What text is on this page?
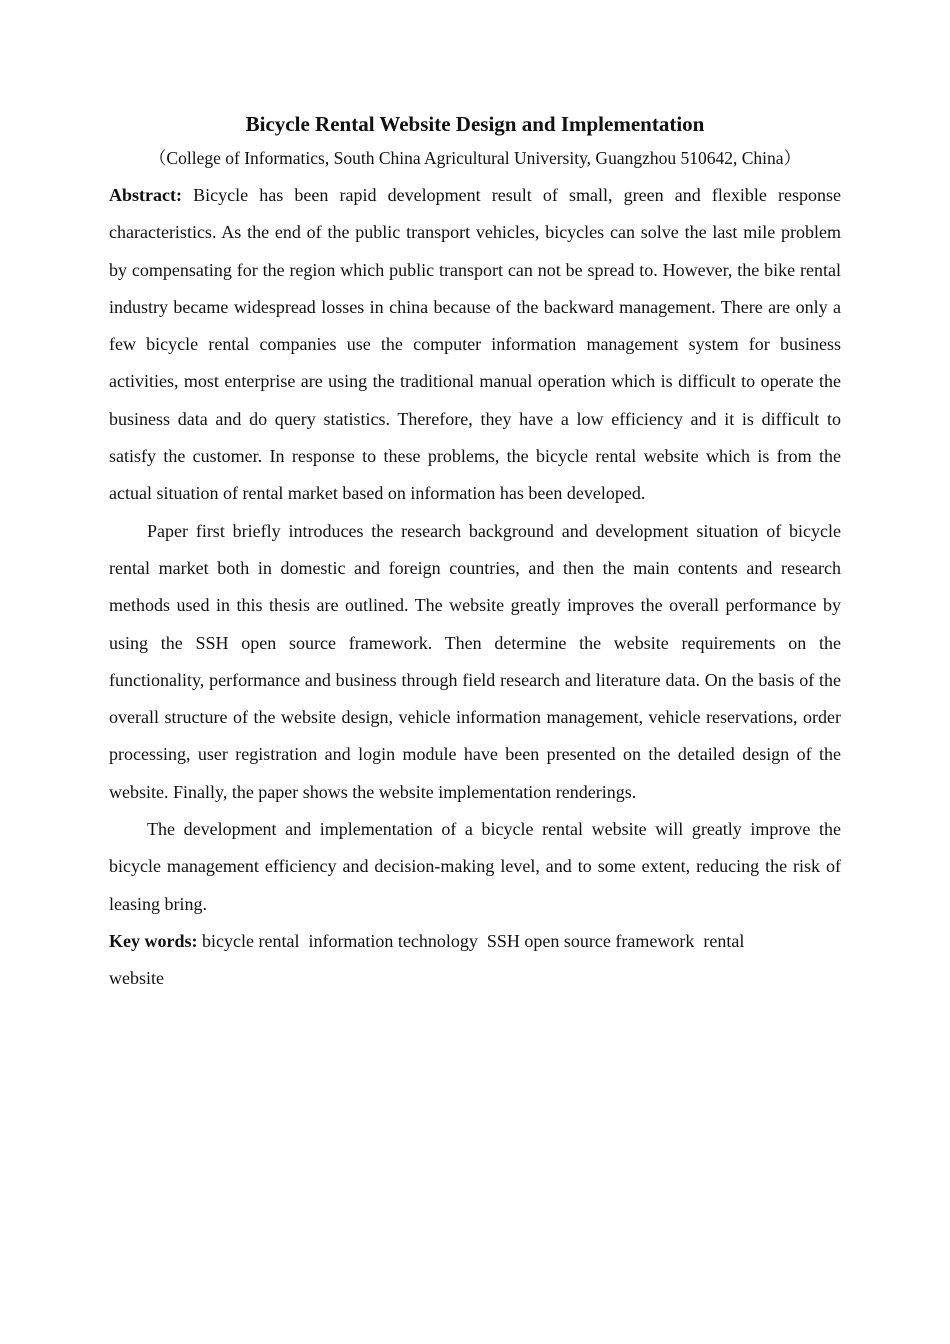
Bicycle Rental Website Design and Implementation

（College of Informatics, South China Agricultural University, Guangzhou 510642, China）

Abstract: Bicycle has been rapid development result of small, green and flexible response characteristics. As the end of the public transport vehicles, bicycles can solve the last mile problem by compensating for the region which public transport can not be spread to. However, the bike rental industry became widespread losses in china because of the backward management. There are only a few bicycle rental companies use the computer information management system for business activities, most enterprise are using the traditional manual operation which is difficult to operate the business data and do query statistics. Therefore, they have a low efficiency and it is difficult to satisfy the customer. In response to these problems, the bicycle rental website which is from the actual situation of rental market based on information has been developed.

Paper first briefly introduces the research background and development situation of bicycle rental market both in domestic and foreign countries, and then the main contents and research methods used in this thesis are outlined. The website greatly improves the overall performance by using the SSH open source framework. Then determine the website requirements on the functionality, performance and business through field research and literature data. On the basis of the overall structure of the website design, vehicle information management, vehicle reservations, order processing, user registration and login module have been presented on the detailed design of the website. Finally, the paper shows the website implementation renderings.

The development and implementation of a bicycle rental website will greatly improve the bicycle management efficiency and decision-making level, and to some extent, reducing the risk of leasing bring.

Key words: bicycle rental  information technology  SSH open source framework  rental website
